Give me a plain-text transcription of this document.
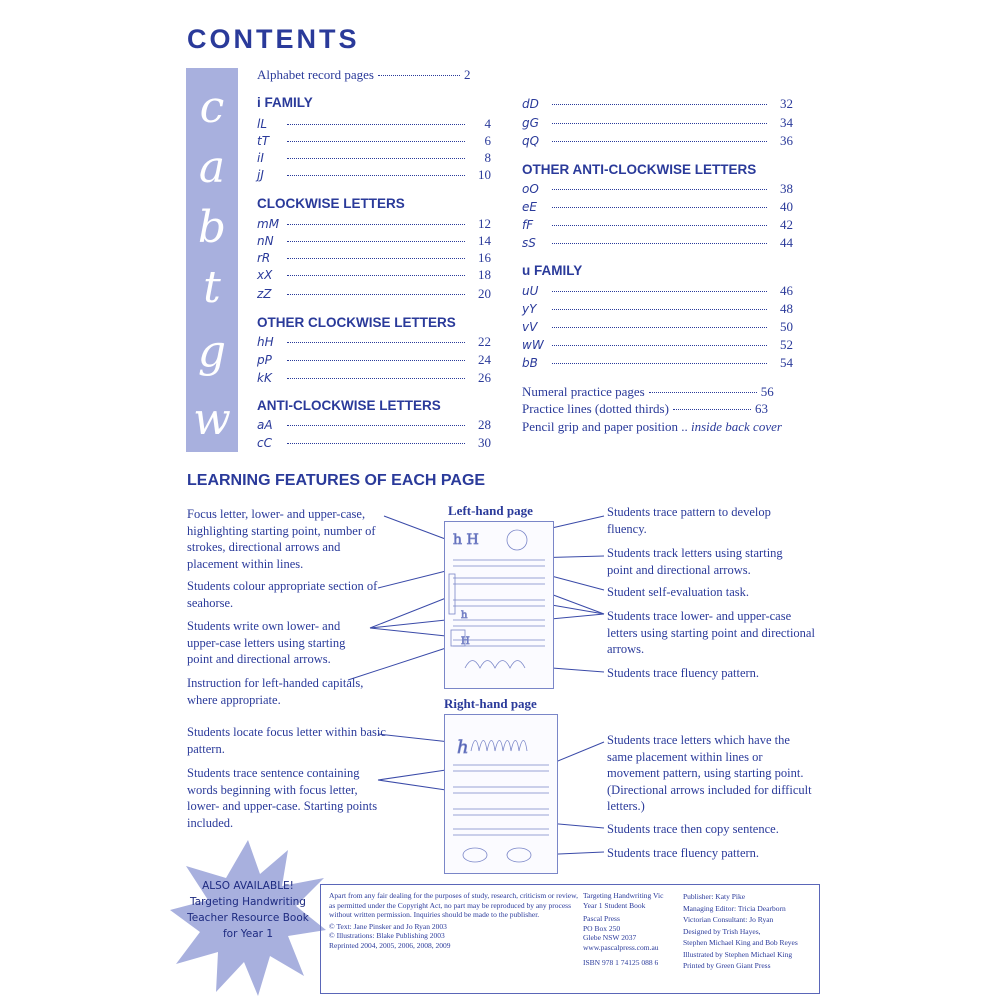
CONTENTS
c
a
b
t
g
w
Alphabet record pages	2
i FAMILY
lL	4
tT	6
iI	8
jJ	10
CLOCKWISE LETTERS
mM	12
nN	14
rR	16
xX	18
zZ	20
OTHER CLOCKWISE LETTERS
hH	22
pP	24
kK	26
ANTI-CLOCKWISE LETTERS
aA	28
cC	30
dD	32
gG	34
qQ	36
OTHER ANTI-CLOCKWISE LETTERS
oO	38
eE	40
fF	42
sS	44
u FAMILY
uU	46
yY	48
vV	50
wW	52
bB	54
Numeral practice pages	56
Practice lines (dotted thirds)	63
Pencil grip and paper position .. inside back cover
LEARNING FEATURES OF EACH PAGE
Left-hand page
h H
h
H
Focus letter, lower- and upper-case, highlighting starting point, number of strokes, directional arrows and placement within lines.
Students colour appropriate section of seahorse.
Students write own lower- and upper-case letters using starting point and directional arrows.
Instruction for left-handed capitals, where appropriate.
Students trace pattern to develop fluency.
Students track letters using starting point and directional arrows.
Student self-evaluation task.
Students trace lower- and upper-case letters using starting point and directional arrows.
Students trace fluency pattern.
Right-hand page
h
Students locate focus letter within basic pattern.
Students trace sentence containing words beginning with focus letter, lower- and upper-case. Starting points included.
Students trace letters which have the same placement within lines or movement pattern, using starting point. (Directional arrows included for difficult letters.)
Students trace then copy sentence.
Students trace fluency pattern.
ALSO AVAILABLE!
Targeting Handwriting
Teacher Resource Book
for Year 1
Apart from any fair dealing for the purposes of study, research, criticism or review, as permitted under the Copyright Act, no part may be reproduced by any process without written permission. Inquiries should be made to the publisher.
© Text: Jane Pinsker and Jo Ryan 2003
© Illustrations: Blake Publishing 2003
Reprinted 2004, 2005, 2006, 2008, 2009
Targeting Handwriting Vic
Year 1 Student Book
Pascal Press
PO Box 250
Glebe NSW 2037
www.pascalpress.com.au
ISBN 978 1 74125 088 6
Publisher: Katy Pike
Managing Editor: Tricia Dearborn
Victorian Consultant: Jo Ryan
Designed by Trish Hayes,
Stephen Michael King and Bob Reyes
Illustrated by Stephen Michael King
Printed by Green Giant Press
